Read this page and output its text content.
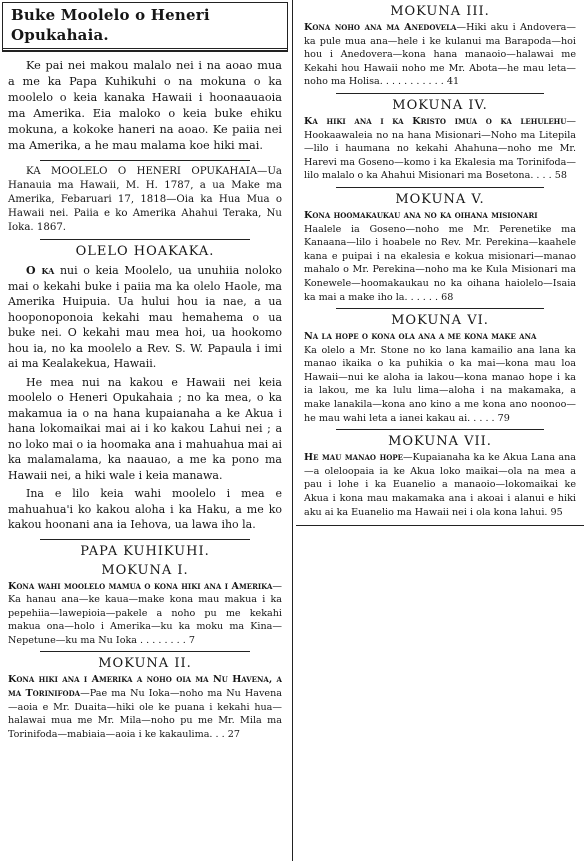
Buke Moolelo o Heneri Opukahaia.

Ke pai nei makou malalo nei i na aoao mua a me ka Papa Kuhikuhi o na mokuna o ka moolelo o keia kanaka Hawaii i hoonaauaoia ma Amerika. Eia maloko o keia buke ehiku mokuna, a kokoke haneri na aoao. Ke paiia nei ma Amerika, a he mau malama koe hiki mai.

KA MOOLELO O HENERI OPUKAHAIA—Ua Hanauia ma Hawaii, M. H. 1787, a ua Make ma Amerika, Febaruari 17, 1818—Oia ka Hua Mua o Hawaii nei. Paiia e ko Amerika Ahahui Teraka, Nu Ioka. 1867.

OLELO HOAKAKA.

O ka nui o keia Moolelo, ua unuhiia noloko mai o kekahi buke i paiia ma ka olelo Haole, ma Amerika Huipuia. Ua hului hou ia nae, a ua hooponoponoia kekahi mau hemahema o ua buke nei. O kekahi mau mea hoi, ua hookomo hou ia, no ka moolelo a Rev. S. W. Papaula i imi ai ma Kealakekua, Hawaii.

He mea nui na kakou e Hawaii nei keia moolelo o Heneri Opukahaia ; no ka mea, o ka makamua ia o na hana kupaianaha a ke Akua i hana lokomaikai mai ai i ko kakou Lahui nei ; a no loko mai o ia hoomaka ana i mahuahua mai ai ka malamalama, ka naauao, a me ka pono ma Hawaii nei, a hiki wale i keia manawa.

Ina e lilo keia wahi moolelo i mea e mahuahua'i ko kakou aloha i ka Haku, a me ko kakou hoonani ana ia Iehova, ua lawa iho la.

PAPA KUHIKUHI.
MOKUNA I.

Kona wahi moolelo mamua o kona hiki ana i Amerika—Ka hanau ana—ke kaua—make kona mau makua i ka pepehiia—lawepioia—pakele a noho pu me kekahi makua ona—holo i Amerika—ku ka moku ma Kina—Nepetune—ku ma Nu Ioka . . . . . . . . 7

MOKUNA II.

Kona hiki ana i Amerika a noho oia ma Nu Havena, a ma Torinifoda—Pae ma Nu Ioka—noho ma Nu Havena—aoia e Mr. Duaita—hiki ole ke puana i kekahi hua—halawai mua me Mr. Mila—noho pu me Mr. Mila ma Torinifoda—mabiaia—aoia i ke kakaulima. . . 27

MOKUNA III.

Kona noho ana ma Anedovela—Hiki aku i Andovera—ka pule mua ana—hele i ke kulanui ma Barapoda—hoi hou i Anedovera—kona hana manaoio—halawai me Kekahi hou Hawaii noho me Mr. Abota—he mau leta—noho ma Holisa. . . . . . . . . . . 41

MOKUNA IV.

Ka hiki ana i ka Kristo imua o ka lehulehu—Hookaawaleia no na hana Misionari—Noho ma Litepila—lilo i haumana no kekahi Ahahuna—noho me Mr. Harevi ma Goseno—komo i ka Ekalesia ma Torinifoda—lilo malalo o ka Ahahui Misionari ma Bosetona. . . . 58

MOKUNA V.

Kona hoomakaukau ana no ka oihana misionari
Haalele ia Goseno—noho me Mr. Perenetike ma Kanaana—lilo i hoabele no Rev. Mr. Perekina—kaahele kana e puipai i na ekalesia e kokua misionari—manao mahalo o Mr. Perekina—noho ma ke Kula Misionari ma Konewele—hoomakaukau no ka oihana haiolelo—Isaia ka mai a make iho la. . . . . . 68

MOKUNA VI.

Na la hope o kona ola ana a me kona make ana
Ka olelo a Mr. Stone no ko lana kamailio ana lana ka manao ikaika o ka puhikia o ka mai—kona mau loa Hawaii—nui ke aloha ia lakou—kona manao hope i ka ia lakou, me ka lulu lima—aloha i na makamaka, a make lanakila—kona ano kino a me kona ano noonoo—he mau wahi leta a ianei kakau ai. . . . . 79

MOKUNA VII.

He mau manao hope—Kupaianaha ka ke Akua Lana ana—a oleloopaia ia ke Akua loko maikai—ola na mea a pau i lohe i ka Euanelio a manaoio—lokomaikai ke Akua i kona mau makamaka ana i akoai i alanui e hiki aku ai ka Euanelio ma Hawaii nei i ola kona lahui. 95
